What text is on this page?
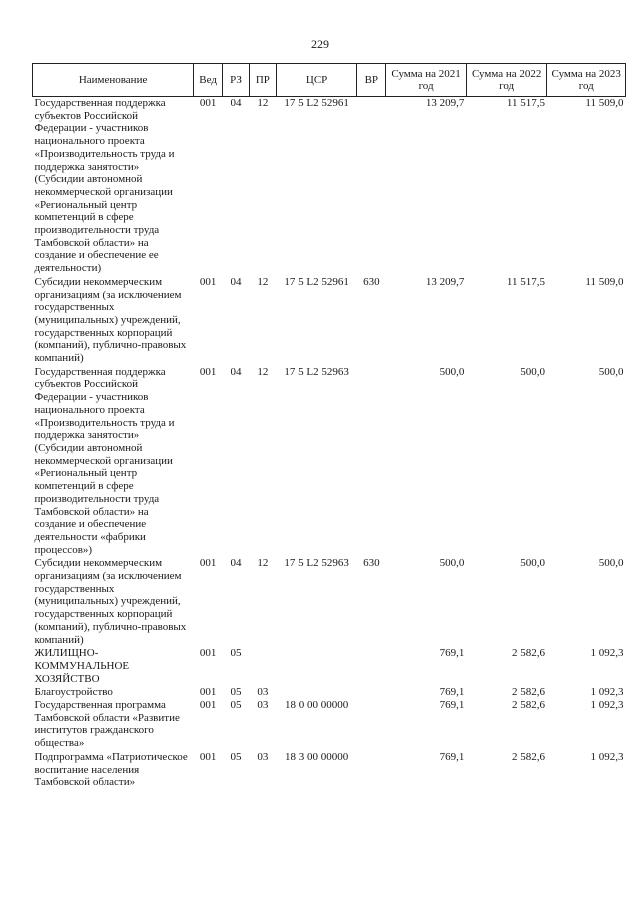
229
Наименование	Вед	РЗ	ПР	ЦСР	ВР	Сумма на 2021 год	Сумма на 2022 год	Сумма на 2023 год
Государственная поддержка субъектов Российской Федерации - участников национального проекта «Производительность труда и поддержка занятости» (Субсидии автономной некоммерческой организации «Региональный центр компетенций в сфере производительности труда Тамбовской области» на создание и обеспечение ее деятельности)	001	04	12	17 5 L2 52961		13 209,7	11 517,5	11 509,0
Субсидии некоммерческим организациям (за исключением государственных (муниципальных) учреждений, государственных корпораций (компаний), публично-правовых компаний)	001	04	12	17 5 L2 52961	630	13 209,7	11 517,5	11 509,0
Государственная поддержка субъектов Российской Федерации - участников национального проекта «Производительность труда и поддержка занятости» (Субсидии автономной некоммерческой организации «Региональный центр компетенций в сфере производительности труда Тамбовской области» на создание и обеспечение деятельности «фабрики процессов»)	001	04	12	17 5 L2 52963		500,0	500,0	500,0
Субсидии некоммерческим организациям (за исключением государственных (муниципальных) учреждений, государственных корпораций (компаний), публично-правовых компаний)	001	04	12	17 5 L2 52963	630	500,0	500,0	500,0
ЖИЛИЩНО-КОММУНАЛЬНОЕ ХОЗЯЙСТВО	001	05				769,1	2 582,6	1 092,3
Благоустройство	001	05	03			769,1	2 582,6	1 092,3
Государственная программа Тамбовской области «Развитие институтов гражданского общества»	001	05	03	18 0 00 00000		769,1	2 582,6	1 092,3
Подпрограмма «Патриотическое воспитание населения Тамбовской области»	001	05	03	18 3 00 00000		769,1	2 582,6	1 092,3
